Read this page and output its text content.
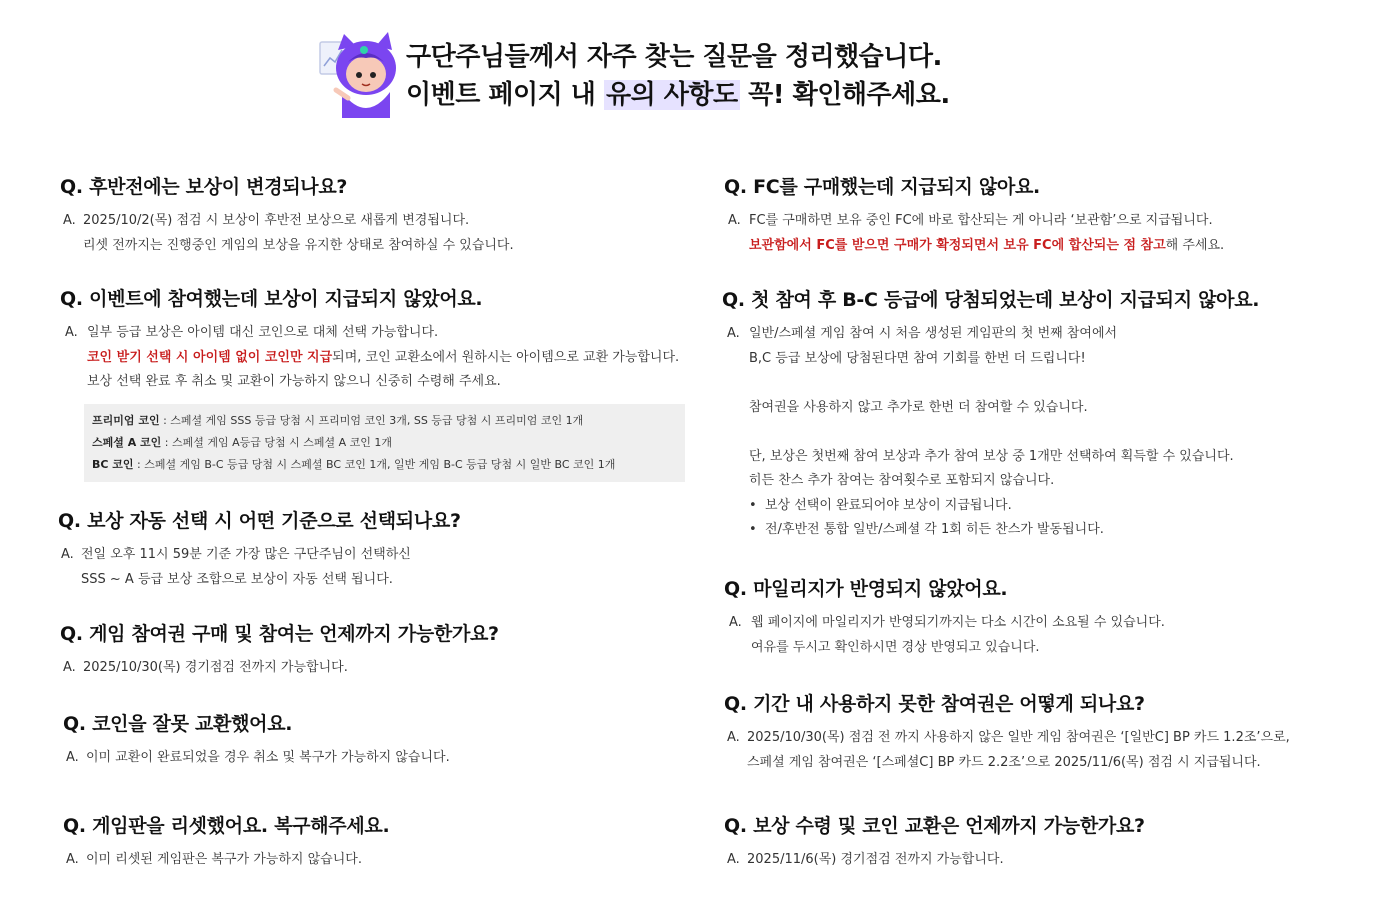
구단주님들께서 자주 찾는 질문을 정리했습니다.
이벤트 페이지 내 유의 사항도 꼭! 확인해주세요.
Q. 후반전에는 보상이 변경되나요?
A. 2025/10/2(목) 점검 시 보상이 후반전 보상으로 새롭게 변경됩니다.

리셋 전까지는 진행중인 게임의 보상을 유지한 상태로 참여하실 수 있습니다.

Q. 이벤트에 참여했는데 보상이 지급되지 않았어요.
A. 일부 등급 보상은 아이템 대신 코인으로 대체 선택 가능합니다.

코인 받기 선택 시 아이템 없이 코인만 지급되며, 코인 교환소에서 원하시는 아이템으로 교환 가능합니다.

보상 선택 완료 후 취소 및 교환이 가능하지 않으니 신중히 수령해 주세요.

프리미엄 코인 : 스페셜 게임 SSS 등급 당첨 시 프리미엄 코인 3개, SS 등급 당첨 시 프리미엄 코인 1개
스페셜 A 코인 : 스페셜 게임 A등급 당첨 시 스페셜 A 코인 1개
BC 코인 : 스페셜 게임 B-C 등급 당첨 시 스페셜 BC 코인 1개, 일반 게임 B-C 등급 당첨 시 일반 BC 코인 1개
Q. 보상 자동 선택 시 어떤 기준으로 선택되나요?
A. 전일 오후 11시 59분 기준 가장 많은 구단주님이 선택하신

SSS ~ A 등급 보상 조합으로 보상이 자동 선택 됩니다.

Q. 게임 참여권 구매 및 참여는 언제까지 가능한가요?
A. 2025/10/30(목) 경기점검 전까지 가능합니다.

Q. 코인을 잘못 교환했어요.
A. 이미 교환이 완료되었을 경우 취소 및 복구가 가능하지 않습니다.

Q. 게임판을 리셋했어요. 복구해주세요.
A. 이미 리셋된 게임판은 복구가 가능하지 않습니다.

Q. FC를 구매했는데 지급되지 않아요.
A. FC를 구매하면 보유 중인 FC에 바로 합산되는 게 아니라 ‘보관함’으로 지급됩니다.

보관함에서 FC를 받으면 구매가 확정되면서 보유 FC에 합산되는 점 참고해 주세요.

Q. 첫 참여 후 B-C 등급에 당첨되었는데 보상이 지급되지 않아요.
A. 일반/스페셜 게임 참여 시 처음 생성된 게임판의 첫 번째 참여에서

B,C 등급 보상에 당첨된다면 참여 기회를 한번 더 드립니다!

참여권을 사용하지 않고 추가로 한번 더 참여할 수 있습니다.

단, 보상은 첫번째 참여 보상과 추가 참여 보상 중 1개만 선택하여 획득할 수 있습니다.

히든 찬스 추가 참여는 참여횟수로 포함되지 않습니다.

• 보상 선택이 완료되어야 보상이 지급됩니다.

• 전/후반전 통합 일반/스페셜 각 1회 히든 찬스가 발동됩니다.

Q. 마일리지가 반영되지 않았어요.
A. 웹 페이지에 마일리지가 반영되기까지는 다소 시간이 소요될 수 있습니다.

여유를 두시고 확인하시면 경상 반영되고 있습니다.

Q. 기간 내 사용하지 못한 참여권은 어떻게 되나요?
A. 2025/10/30(목) 점검 전 까지 사용하지 않은 일반 게임 참여권은 ‘[일반C] BP 카드 1.2조’으로,

스페셜 게임 참여권은 ‘[스페셜C] BP 카드 2.2조’으로 2025/11/6(목) 점검 시 지급됩니다.

Q. 보상 수령 및 코인 교환은 언제까지 가능한가요?
A. 2025/11/6(목) 경기점검 전까지 가능합니다.
